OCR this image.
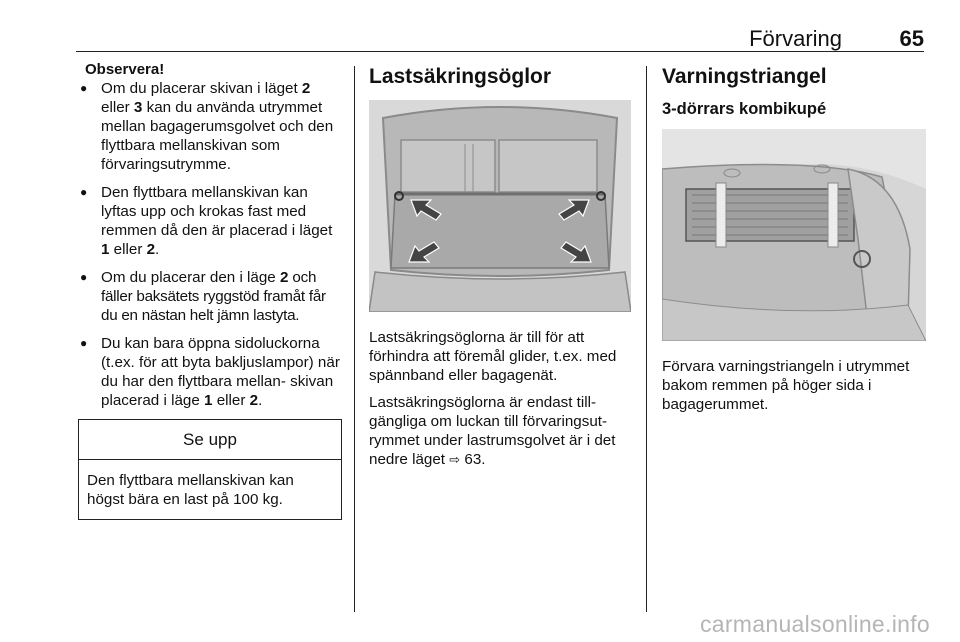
Förvaring	65
Observera!
● Om du placerar skivan i läget 2 eller 3 kan du använda utrymmet mellan bagagerumsgolvet och den flyttbara mellanskivan som förvaringsutrymme.
● Den flyttbara mellanskivan kan lyftas upp och krokas fast med remmen då den är placerad i läget 1 eller 2.
● Om du placerar den i läge 2 och fäller baksätets ryggstöd framåt får du en nästan helt jämn lastyta.
● Du kan bara öppna sidoluckorna (t.ex. för att byta bakljuslampor) när du har den flyttbara mellan- skivan placerad i läge 1 eller 2.
Se upp
Den flyttbara mellanskivan kan högst bära en last på 100 kg.
Lastsäkringsöglor

Lastsäkringsöglorna är till för att förhindra att föremål glider, t.ex. med spännband eller bagagenät.

Lastsäkringsöglorna är endast till- gängliga om luckan till förvaringsut- rymmet under lastrumsgolvet är i det nedre läget ⇨ 63.

Varningstriangel
3-dörrars kombikupé

Förvara varningstriangeln i utrymmet bakom remmen på höger sida i bagagerummet.

carmanualsonline.info
